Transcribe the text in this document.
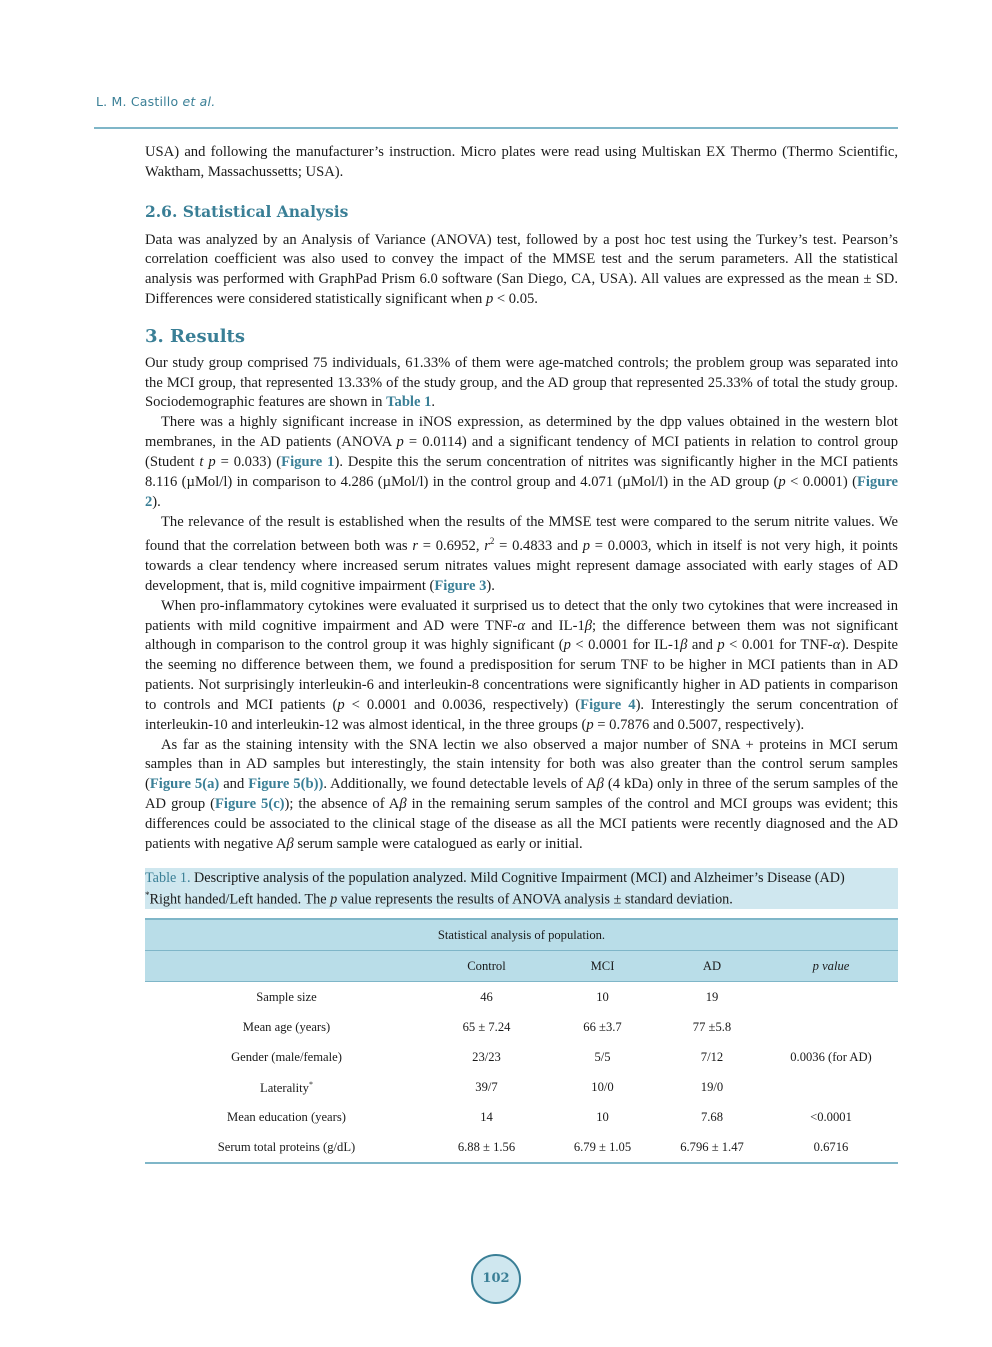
L. M. Castillo et al.

USA) and following the manufacturer’s instruction. Micro plates were read using Multiskan EX Thermo (Thermo Scientific, Waktham, Massachussetts; USA).

2.6. Statistical Analysis

Data was analyzed by an Analysis of Variance (ANOVA) test, followed by a post hoc test using the Turkey’s test. Pearson’s correlation coefficient was also used to convey the impact of the MMSE test and the serum parameters. All the statistical analysis was performed with GraphPad Prism 6.0 software (San Diego, CA, USA). All values are expressed as the mean ± SD. Differences were considered statistically significant when p < 0.05.

3. Results

Our study group comprised 75 individuals, 61.33% of them were age-matched controls; the problem group was separated into the MCI group, that represented 13.33% of the study group, and the AD group that represented 25.33% of total the study group. Sociodemographic features are shown in Table 1.

There was a highly significant increase in iNOS expression, as determined by the dpp values obtained in the western blot membranes, in the AD patients (ANOVA p = 0.0114) and a significant tendency of MCI patients in relation to control group (Student t p = 0.033) (Figure 1). Despite this the serum concentration of nitrites was significantly higher in the MCI patients 8.116 (µMol/l) in comparison to 4.286 (µMol/l) in the control group and 4.071 (µMol/l) in the AD group (p < 0.0001) (Figure 2).

The relevance of the result is established when the results of the MMSE test were compared to the serum nitrite values. We found that the correlation between both was r = 0.6952, $r^2 = 0.4833$ and p = 0.0003, which in itself is not very high, it points towards a clear tendency where increased serum nitrates values might represent damage associated with early stages of AD development, that is, mild cognitive impairment (Figure 3).

When pro-inflammatory cytokines were evaluated it surprised us to detect that the only two cytokines that were increased in patients with mild cognitive impairment and AD were TNF-α and IL-1β; the difference between them was not significant although in comparison to the control group it was highly significant (p < 0.0001 for IL-1β and p < 0.001 for TNF-α). Despite the seeming no difference between them, we found a predisposition for serum TNF to be higher in MCI patients than in AD patients. Not surprisingly interleukin-6 and interleukin-8 concentrations were significantly higher in AD patients in comparison to controls and MCI patients (p < 0.0001 and 0.0036, respectively) (Figure 4). Interestingly the serum concentration of interleukin-10 and interleukin-12 was almost identical, in the three groups (p = 0.7876 and 0.5007, respectively).

As far as the staining intensity with the SNA lectin we also observed a major number of SNA + proteins in MCI serum samples than in AD samples but interestingly, the stain intensity for both was also greater than the control serum samples (Figure 5(a) and Figure 5(b)). Additionally, we found detectable levels of Aβ (4 kDa) only in three of the serum samples of the AD group (Figure 5(c)); the absence of Aβ in the remaining serum samples of the control and MCI groups was evident; this differences could be associated to the clinical stage of the disease as all the MCI patients were recently diagnosed and the AD patients with negative Aβ serum sample were catalogued as early or initial.

Table 1. Descriptive analysis of the population analyzed. Mild Cognitive Impairment (MCI) and Alzheimer’s Disease (AD)
*Right handed/Left handed. The p value represents the results of ANOVA analysis ± standard deviation.
Statistical analysis of population.				
	Control	MCI	AD	p value
Sample size	46	10	19	
Mean age (years)	65 ± 7.24	66 ±3.7	77 ±5.8	
Gender (male/female)	23/23	5/5	7/12	0.0036 (for AD)
Laterality*	39/7	10/0	19/0	
Mean education (years)	14	10	7.68	<0.0001
Serum total proteins (g/dL)	6.88 ± 1.56	6.79 ± 1.05	6.796 ± 1.47	0.6716
102
